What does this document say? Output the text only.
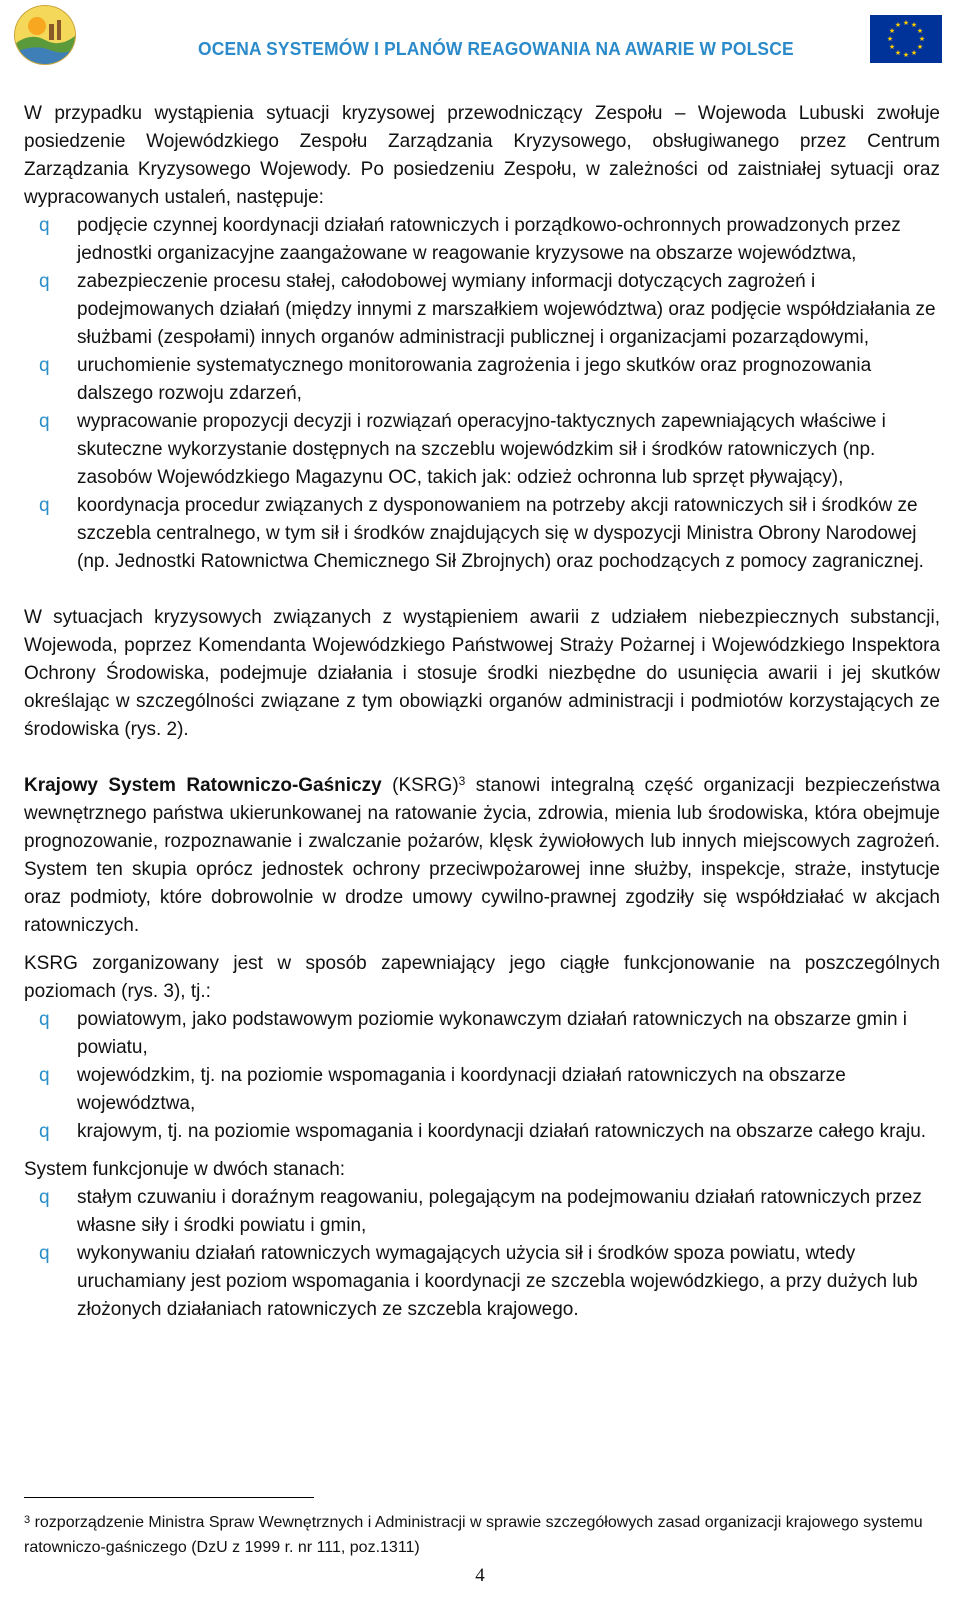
OCENA SYSTEMÓW I PLANÓW REAGOWANIA NA AWARIE W POLSCE
★ ★
★
★
★
★
★
★
★
★
★
★

W przypadku wystąpienia sytuacji kryzysowej przewodniczący Zespołu – Wojewoda Lubuski zwołuje posiedzenie Wojewódzkiego Zespołu Zarządzania Kryzysowego, obsługiwanego przez Centrum Zarządzania Kryzysowego Wojewody. Po posiedzeniu Zespołu, w zależności od zaistniałej sytuacji oraz wypracowanych ustaleń, następuje:

q podjęcie czynnej koordynacji działań ratowniczych i porządkowo-ochronnych prowadzonych przez jednostki organizacyjne zaangażowane w reagowanie kryzysowe na obszarze województwa,
q zabezpieczenie procesu stałej, całodobowej wymiany informacji dotyczących zagrożeń i podejmowanych działań (między innymi z marszałkiem województwa) oraz podjęcie współdziałania ze służbami (zespołami) innych organów administracji publicznej i organizacjami pozarządowymi,
q uruchomienie systematycznego monitorowania zagrożenia i jego skutków oraz prognozowania dalszego rozwoju zdarzeń,
q wypracowanie propozycji decyzji i rozwiązań operacyjno-taktycznych zapewniających właściwe i skuteczne wykorzystanie dostępnych na szczeblu wojewódzkim sił i środków ratowniczych (np. zasobów Wojewódzkiego Magazynu OC, takich jak: odzież ochronna lub sprzęt pływający),
q koordynacja procedur związanych z dysponowaniem na potrzeby akcji ratowniczych sił i środków ze szczebla centralnego, w tym sił i środków znajdujących się w dyspozycji Ministra Obrony Narodowej (np. Jednostki Ratownictwa Chemicznego Sił Zbrojnych) oraz pochodzących z pomocy zagranicznej.

W sytuacjach kryzysowych związanych z wystąpieniem awarii z udziałem niebezpiecznych substancji, Wojewoda, poprzez Komendanta Wojewódzkiego Państwowej Straży Pożarnej i Wojewódzkiego Inspektora Ochrony Środowiska, podejmuje działania i stosuje środki niezbędne do usunięcia awarii i jej skutków określając w szczególności związane z tym obowiązki organów administracji i podmiotów korzystających ze środowiska (rys. 2).

Krajowy System Ratowniczo-Gaśniczy (KSRG)$^3$ stanowi integralną część organizacji bezpieczeństwa wewnętrznego państwa ukierunkowanej na ratowanie życia, zdrowia, mienia lub środowiska, która obejmuje prognozowanie, rozpoznawanie i zwalczanie pożarów, klęsk żywiołowych lub innych miejscowych zagrożeń. System ten skupia oprócz jednostek ochrony przeciwpożarowej inne służby, inspekcje, straże, instytucje oraz podmioty, które dobrowolnie w drodze umowy cywilno-prawnej zgodziły się współdziałać w akcjach ratowniczych.

KSRG zorganizowany jest w sposób zapewniający jego ciągłe funkcjonowanie na poszczególnych poziomach (rys. 3), tj.:

q powiatowym, jako podstawowym poziomie wykonawczym działań ratowniczych na obszarze gmin i powiatu,
q wojewódzkim, tj. na poziomie wspomagania i koordynacji działań ratowniczych na obszarze województwa,
q krajowym, tj. na poziomie wspomagania i koordynacji działań ratowniczych na obszarze całego kraju.

System funkcjonuje w dwóch stanach:

q stałym czuwaniu i doraźnym reagowaniu, polegającym na podejmowaniu działań ratowniczych przez własne siły i środki powiatu i gmin,
q wykonywaniu działań ratowniczych wymagających użycia sił i środków spoza powiatu, wtedy uruchamiany jest poziom wspomagania i koordynacji ze szczebla wojewódzkiego, a przy dużych lub złożonych działaniach ratowniczych ze szczebla krajowego.
$^3$ rozporządzenie Ministra Spraw Wewnętrznych i Administracji w sprawie szczegółowych zasad organizacji krajowego systemu ratowniczo-gaśniczego (DzU z 1999 r. nr 111, poz.1311)
4
